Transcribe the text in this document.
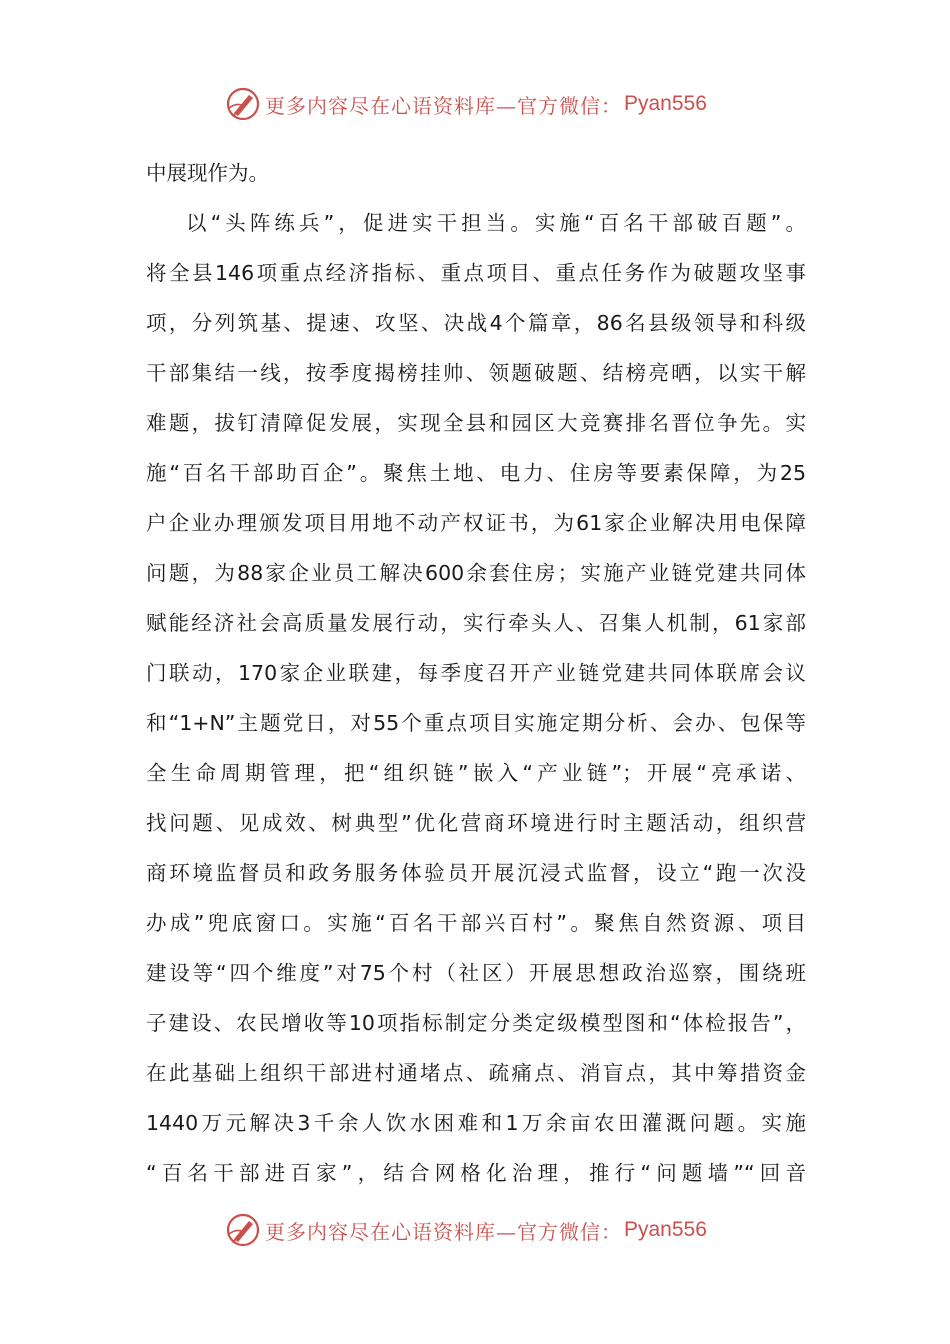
更多内容尽在心语资料库—官方微信： Pyan556
中展现作为。
以“头阵练兵”，促进实干担当。实施“百名干部破百题”。
将全县146项重点经济指标、重点项目、重点任务作为破题攻坚事
项，分列筑基、提速、攻坚、决战4个篇章，86名县级领导和科级
干部集结一线，按季度揭榜挂帅、领题破题、结榜亮晒，以实干解
难题，拔钉清障促发展，实现全县和园区大竞赛排名晋位争先。实
施“百名干部助百企”。聚焦土地、电力、住房等要素保障，为25
户企业办理颁发项目用地不动产权证书，为61家企业解决用电保障
问题，为88家企业员工解决600余套住房；实施产业链党建共同体
赋能经济社会高质量发展行动，实行牵头人、召集人机制，61家部
门联动，170家企业联建，每季度召开产业链党建共同体联席会议
和“1+N”主题党日，对55个重点项目实施定期分析、会办、包保等
全生命周期管理，把“组织链”嵌入“产业链”；开展“亮承诺、
找问题、见成效、树典型”优化营商环境进行时主题活动，组织营
商环境监督员和政务服务体验员开展沉浸式监督，设立“跑一次没
办成”兜底窗口。实施“百名干部兴百村”。聚焦自然资源、项目
建设等“四个维度”对75个村（社区）开展思想政治巡察，围绕班
子建设、农民增收等10项指标制定分类定级模型图和“体检报告”，
在此基础上组织干部进村通堵点、疏痛点、消盲点，其中筹措资金
1440万元解决3千余人饮水困难和1万余亩农田灌溉问题。实施
“百名干部进百家”，结合网格化治理，推行“问题墙”“回音
更多内容尽在心语资料库—官方微信： Pyan556
